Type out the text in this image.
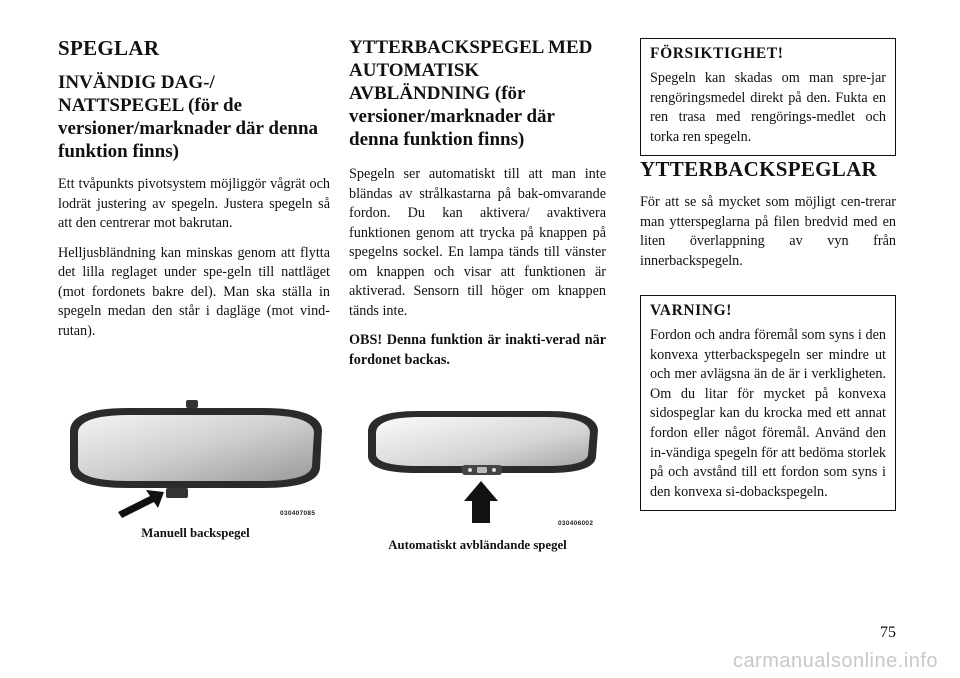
SPEGLAR
INVÄNDIG DAG-/ NATTSPEGEL (för de versioner/marknader där denna funktion finns)

Ett tvåpunkts pivotsystem möjliggör vågrät och lodrät justering av spegeln. Justera spegeln så att den centrerar mot bakrutan.

Helljusbländning kan minskas genom att flytta det lilla reglaget under spe-geln till nattläget (mot fordonets bakre del). Man ska ställa in spegeln medan den står i dagläge (mot vind-rutan).

030407085
Manuell backspegel
YTTERBACKSPEGEL MED AUTOMATISK AVBLÄNDNING (för versioner/marknader där denna funktion finns)

Spegeln ser automatiskt till att man inte bländas av strålkastarna på bak-omvarande fordon. Du kan aktivera/ avaktivera funktionen genom att trycka på knappen på spegelns sockel. En lampa tänds till vänster om knappen och visar att funktionen är aktiverad. Sensorn till höger om knappen tänds inte.

OBS! Denna funktion är inakti-verad när fordonet backas.

030406002
Automatiskt avbländande spegel
FÖRSIKTIGHET!

Spegeln kan skadas om man spre-jar rengöringsmedel direkt på den. Fukta en ren trasa med rengörings-medlet och torka ren spegeln.

YTTERBACKSPEGLAR

För att se så mycket som möjligt cen-trerar man ytterspeglarna på filen bredvid med en liten överlappning av vyn från innerbackspegeln.

VARNING!

Fordon och andra föremål som syns i den konvexa ytterbackspegeln ser mindre ut och mer avlägsna än de är i verkligheten. Om du litar för mycket på konvexa sidospeglar kan du krocka med ett annat fordon eller något föremål. Använd den in-vändiga spegeln för att bedöma storlek på och avstånd till ett fordon som syns i den konvexa si-dobackspegeln.

75
carmanualsonline.info
